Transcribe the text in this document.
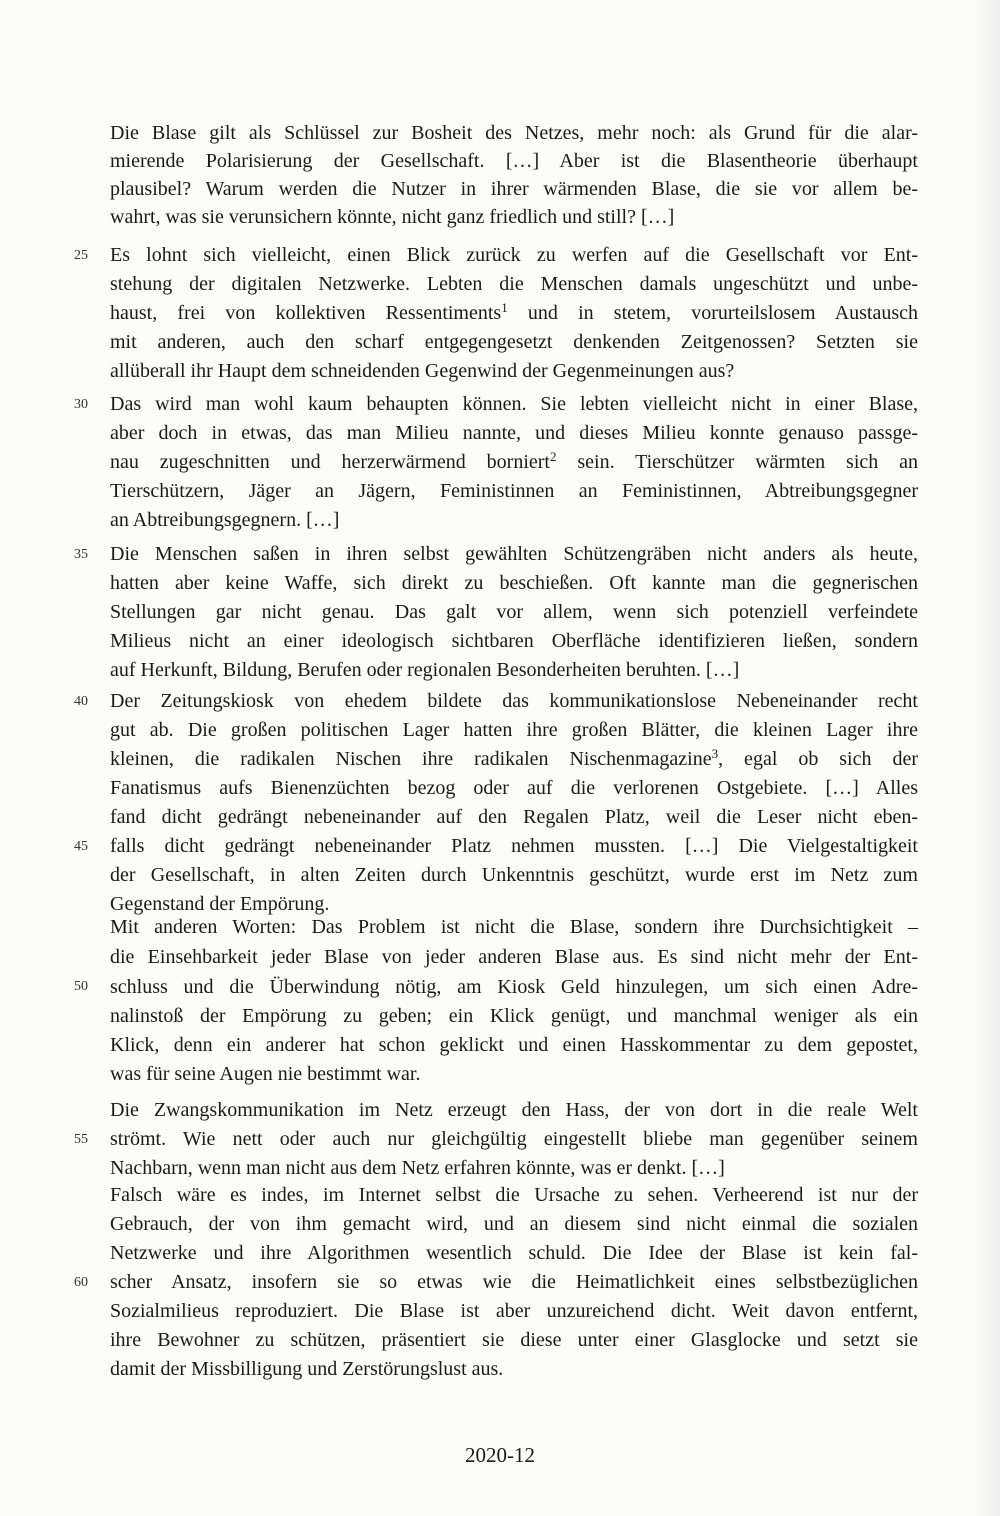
Die Blase gilt als Schlüssel zur Bosheit des Netzes, mehr noch: als Grund für die alar-
mierende Polarisierung der Gesellschaft. […] Aber ist die Blasentheorie überhaupt
plausibel? Warum werden die Nutzer in ihrer wärmenden Blase, die sie vor allem be-
wahrt, was sie verunsichern könnte, nicht ganz friedlich und still? […]
25	Es lohnt sich vielleicht, einen Blick zurück zu werfen auf die Gesellschaft vor Ent-
stehung der digitalen Netzwerke. Lebten die Menschen damals ungeschützt und unbe-
haust, frei von kollektiven Ressentiments$^1$ und in stetem, vorurteilslosem Austausch
mit anderen, auch den scharf entgegengesetzt denkenden Zeitgenossen? Setzten sie
allüberall ihr Haupt dem schneidenden Gegenwind der Gegenmeinungen aus?
30	Das wird man wohl kaum behaupten können. Sie lebten vielleicht nicht in einer Blase,
aber doch in etwas, das man Milieu nannte, und dieses Milieu konnte genauso passge-
nau zugeschnitten und herzerwärmend borniert$^2$ sein. Tierschützer wärmten sich an
Tierschützern, Jäger an Jägern, Feministinnen an Feministinnen, Abtreibungsgegner
an Abtreibungsgegnern. […]
35	Die Menschen saßen in ihren selbst gewählten Schützengräben nicht anders als heute,
hatten aber keine Waffe, sich direkt zu beschießen. Oft kannte man die gegnerischen
Stellungen gar nicht genau. Das galt vor allem, wenn sich potenziell verfeindete
Milieus nicht an einer ideologisch sichtbaren Oberfläche identifizieren ließen, sondern
auf Herkunft, Bildung, Berufen oder regionalen Besonderheiten beruhten. […]
40
45
Der Zeitungskiosk von ehedem bildete das kommunikationslose Nebeneinander recht
gut ab. Die großen politischen Lager hatten ihre großen Blätter, die kleinen Lager ihre
kleinen, die radikalen Nischen ihre radikalen Nischenmagazine$^3$, egal ob sich der
Fanatismus aufs Bienenzüchten bezog oder auf die verlorenen Ostgebiete. […] Alles
fand dicht gedrängt nebeneinander auf den Regalen Platz, weil die Leser nicht eben-
falls dicht gedrängt nebeneinander Platz nehmen mussten. […] Die Vielgestaltigkeit
der Gesellschaft, in alten Zeiten durch Unkenntnis geschützt, wurde erst im Netz zum
Gegenstand der Empörung.
50
Mit anderen Worten: Das Problem ist nicht die Blase, sondern ihre Durchsichtigkeit –
die Einsehbarkeit jeder Blase von jeder anderen Blase aus. Es sind nicht mehr der Ent-
schluss und die Überwindung nötig, am Kiosk Geld hinzulegen, um sich einen Adre-
nalinstoß der Empörung zu geben; ein Klick genügt, und manchmal weniger als ein
Klick, denn ein anderer hat schon geklickt und einen Hasskommentar zu dem gepostet,
was für seine Augen nie bestimmt war.
55
Die Zwangskommunikation im Netz erzeugt den Hass, der von dort in die reale Welt
strömt. Wie nett oder auch nur gleichgültig eingestellt bliebe man gegenüber seinem
Nachbarn, wenn man nicht aus dem Netz erfahren könnte, was er denkt. […]
60
Falsch wäre es indes, im Internet selbst die Ursache zu sehen. Verheerend ist nur der
Gebrauch, der von ihm gemacht wird, und an diesem sind nicht einmal die sozialen
Netzwerke und ihre Algorithmen wesentlich schuld. Die Idee der Blase ist kein fal-
scher Ansatz, insofern sie so etwas wie die Heimatlichkeit eines selbstbezüglichen
Sozialmilieus reproduziert. Die Blase ist aber unzureichend dicht. Weit davon entfernt,
ihre Bewohner zu schützen, präsentiert sie diese unter einer Glasglocke und setzt sie
damit der Missbilligung und Zerstörungslust aus.
2020-12
